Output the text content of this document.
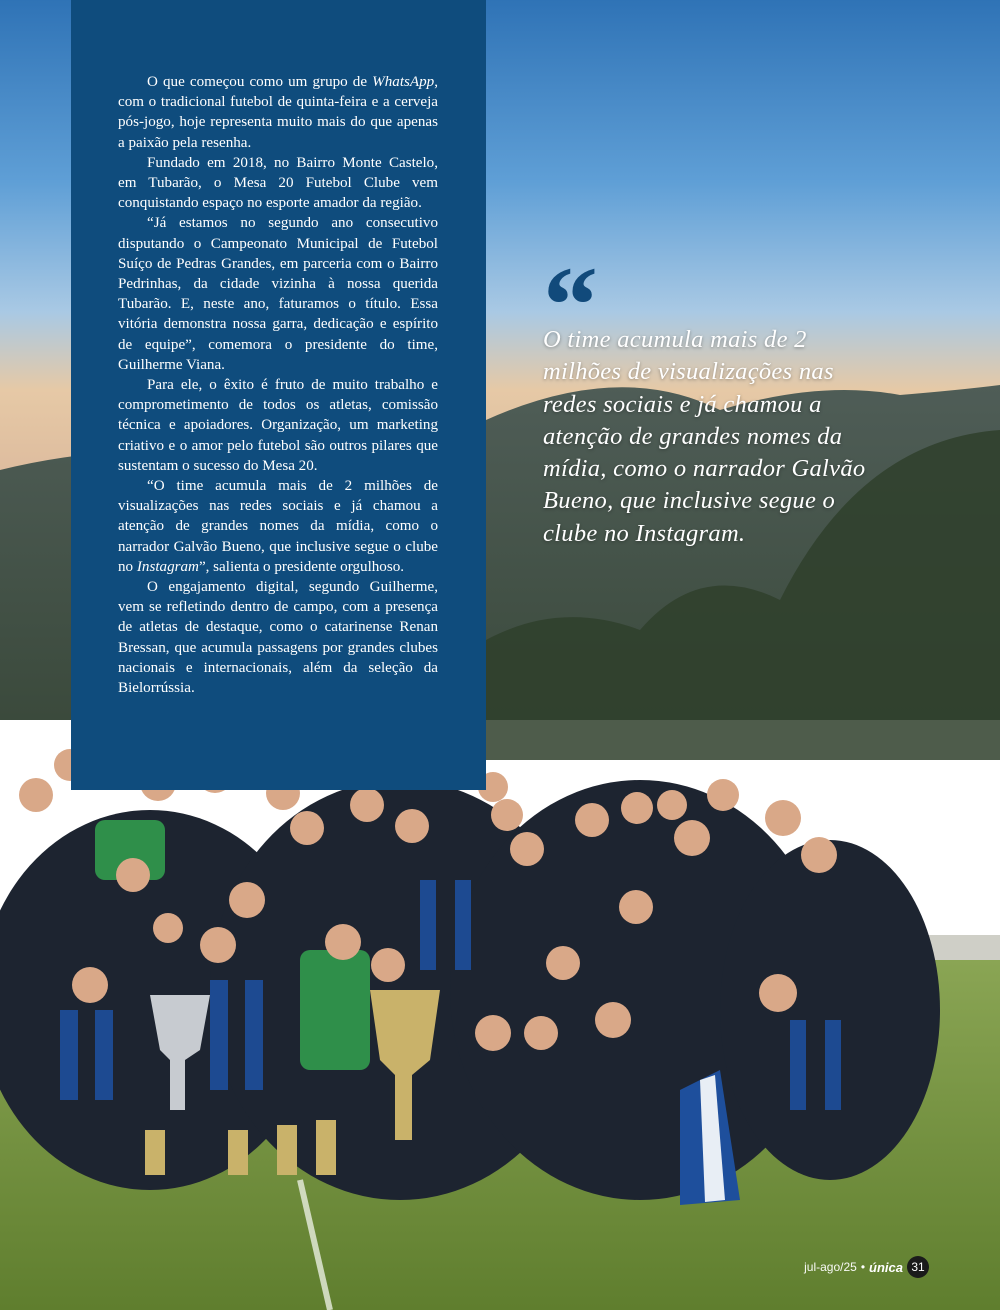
O que começou como um grupo de WhatsApp, com o tradicional futebol de quinta-feira e a cerveja pós-jogo, hoje representa muito mais do que apenas a paixão pela resenha.

Fundado em 2018, no Bairro Monte Castelo, em Tubarão, o Mesa 20 Futebol Clube vem conquistando espaço no esporte amador da região.

“Já estamos no segundo ano consecutivo disputando o Campeonato Municipal de Futebol Suíço de Pedras Grandes, em parceria com o Bairro Pedrinhas, da cidade vizinha à nossa querida Tubarão. E, neste ano, faturamos o título. Essa vitória demonstra nossa garra, dedicação e espírito de equipe”, comemora o presidente do time, Guilherme Viana.

Para ele, o êxito é fruto de muito trabalho e comprometimento de todos os atletas, comissão técnica e apoiadores. Organização, um marketing criativo e o amor pelo futebol são outros pilares que sustentam o sucesso do Mesa 20.

“O time acumula mais de 2 milhões de visualizações nas redes sociais e já chamou a atenção de grandes nomes da mídia, como o narrador Galvão Bueno, que inclusive segue o clube no Instagram”, salienta o presidente orgulhoso.

O engajamento digital, segundo Guilherme, vem se refletindo dentro de campo, com a presença de atletas de destaque, como o catarinense Renan Bressan, que acumula passagens por grandes clubes nacionais e internacionais, além da seleção da Bielorrússia.

“
O time acumula mais de 2 milhões de visualizações nas redes sociais e já chamou a atenção de grandes nomes da mídia, como o narrador Galvão Bueno, que inclusive segue o clube no Instagram.
jul-ago/25 • única 31
